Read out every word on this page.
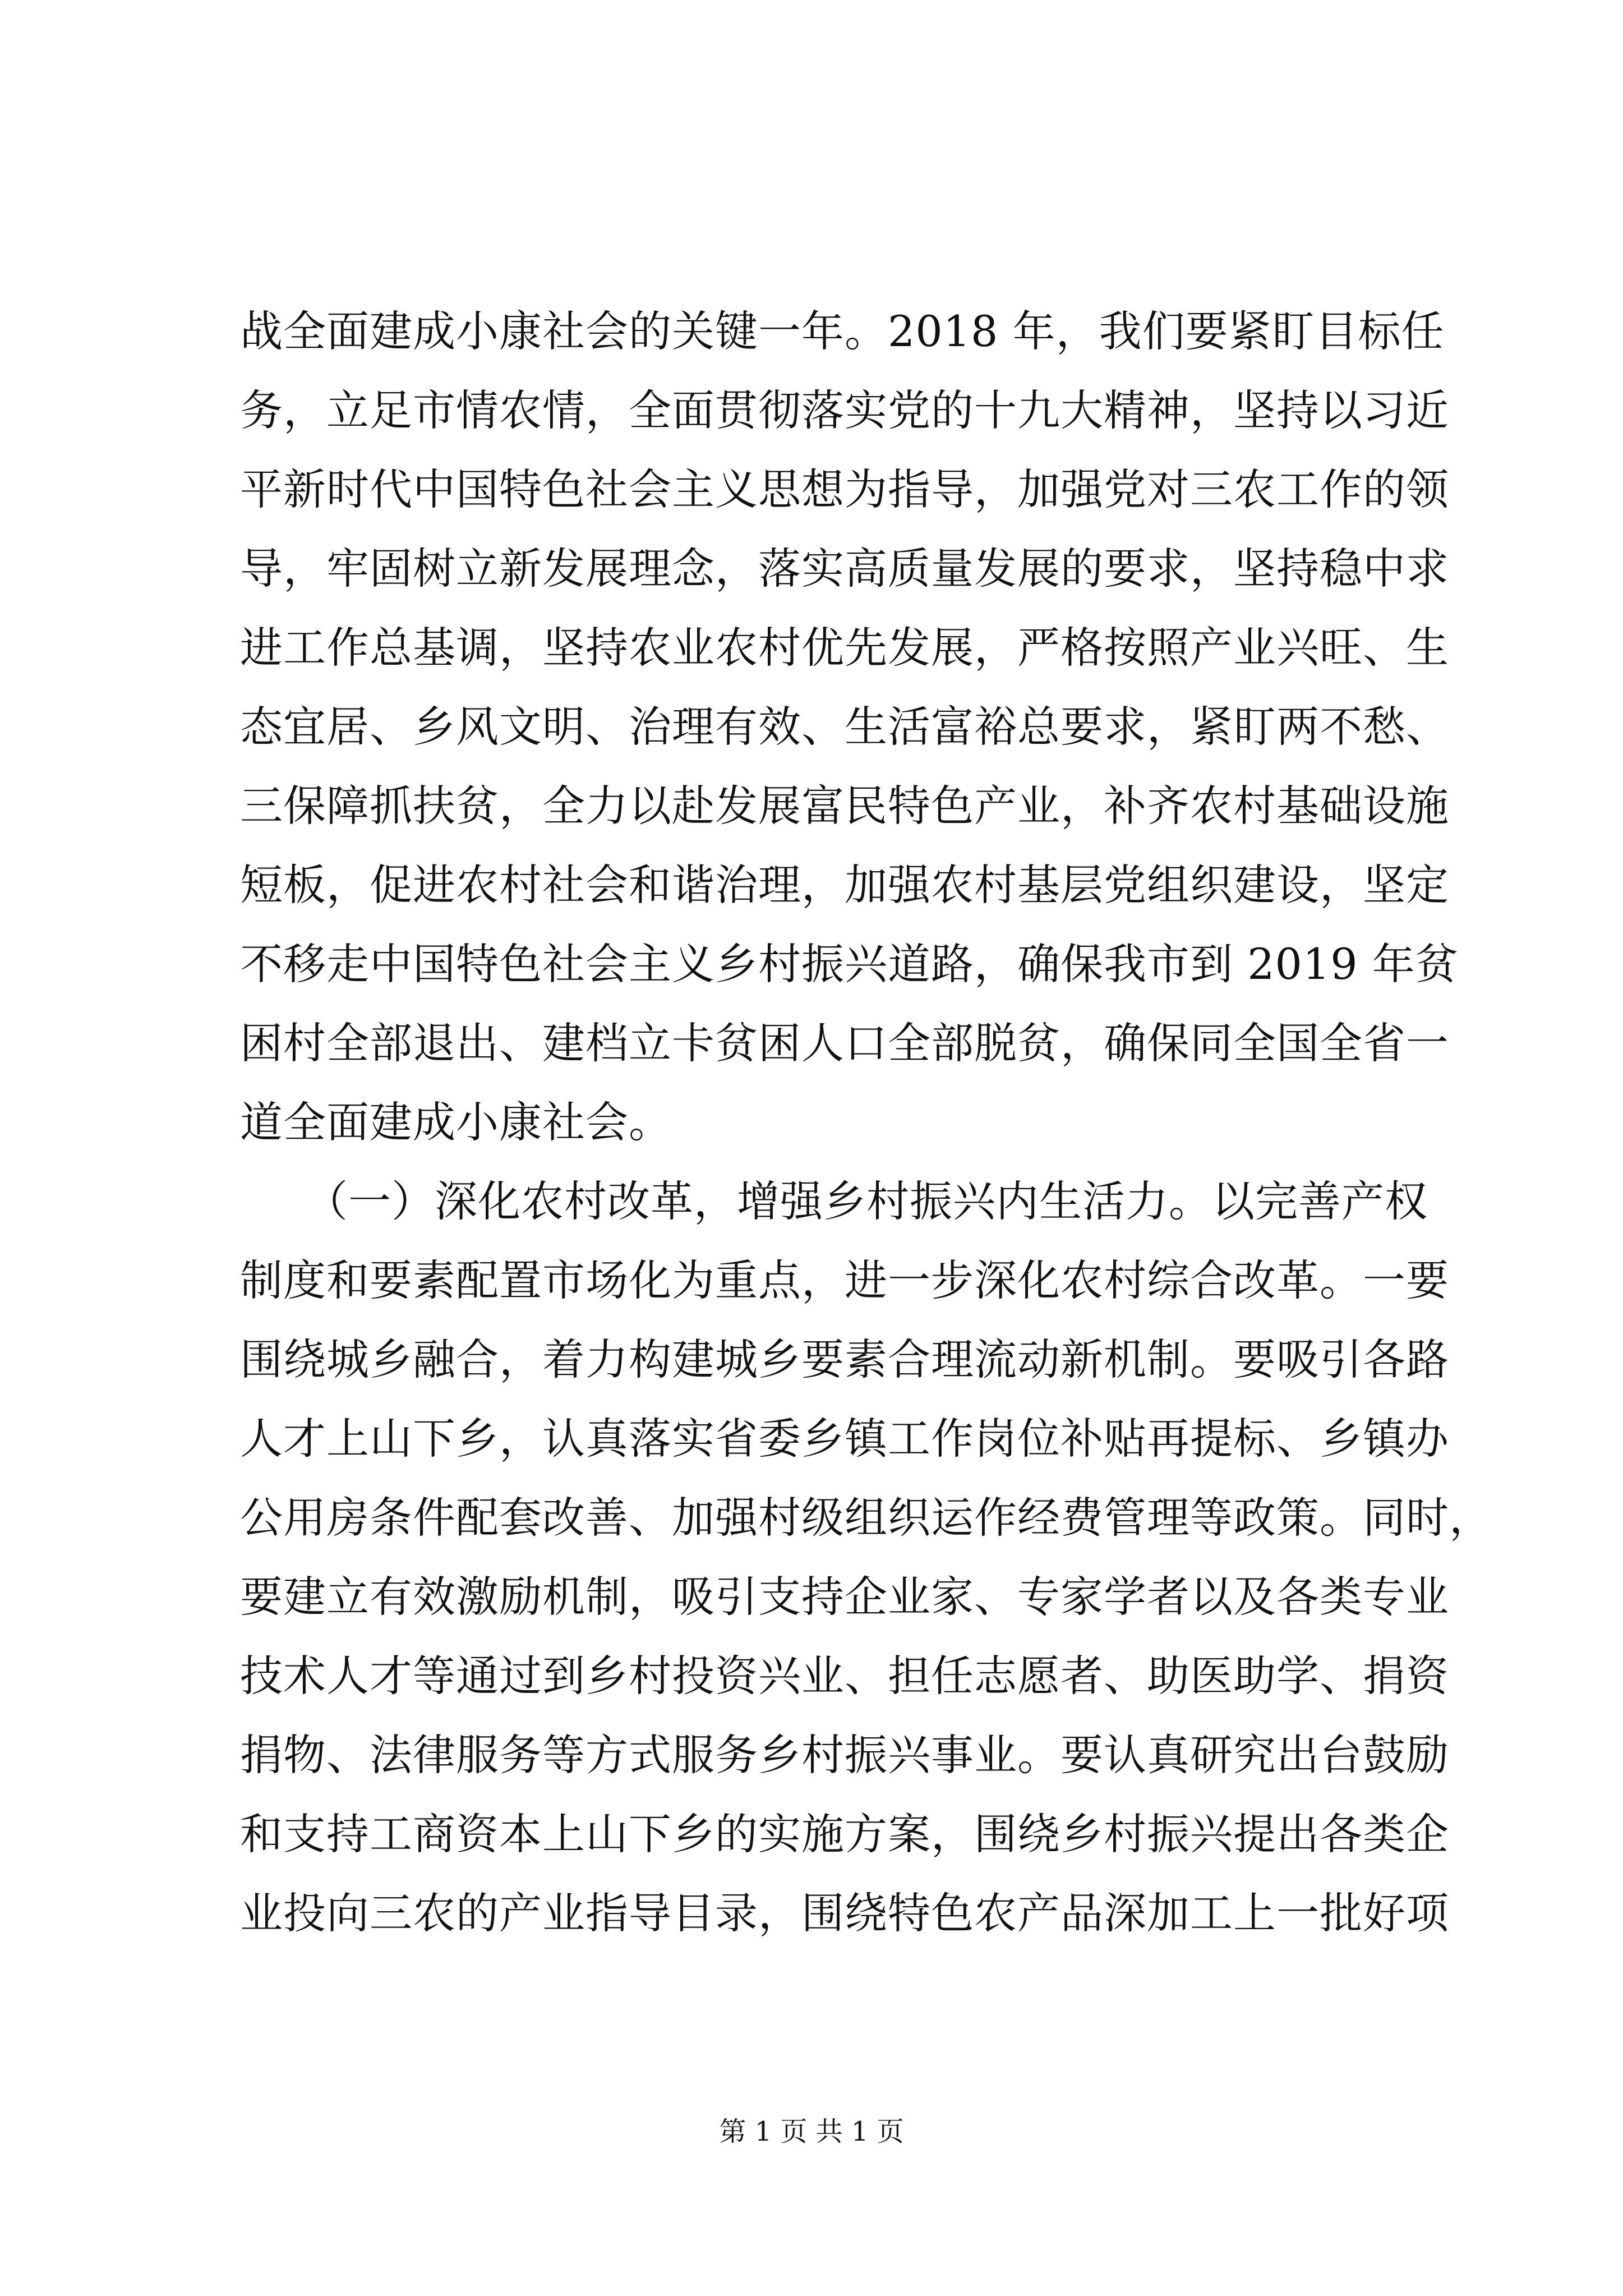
战全面建成小康社会的关键一年。2018 年，我们要紧盯目标任
务，立足市情农情，全面贯彻落实党的十九大精神，坚持以习近
平新时代中国特色社会主义思想为指导，加强党对三农工作的领
导，牢固树立新发展理念，落实高质量发展的要求，坚持稳中求
进工作总基调，坚持农业农村优先发展，严格按照产业兴旺、生
态宜居、乡风文明、治理有效、生活富裕总要求，紧盯两不愁、
三保障抓扶贫，全力以赴发展富民特色产业，补齐农村基础设施
短板，促进农村社会和谐治理，加强农村基层党组织建设，坚定
不移走中国特色社会主义乡村振兴道路，确保我市到 2019 年贫
困村全部退出、建档立卡贫困人口全部脱贫，确保同全国全省一
道全面建成小康社会。
　　（一）深化农村改革，增强乡村振兴内生活力。以完善产权
制度和要素配置市场化为重点，进一步深化农村综合改革。一要
围绕城乡融合，着力构建城乡要素合理流动新机制。要吸引各路
人才上山下乡，认真落实省委乡镇工作岗位补贴再提标、乡镇办
公用房条件配套改善、加强村级组织运作经费管理等政策。同时，
要建立有效激励机制，吸引支持企业家、专家学者以及各类专业
技术人才等通过到乡村投资兴业、担任志愿者、助医助学、捐资
捐物、法律服务等方式服务乡村振兴事业。要认真研究出台鼓励
和支持工商资本上山下乡的实施方案，围绕乡村振兴提出各类企
业投向三农的产业指导目录，围绕特色农产品深加工上一批好项
第 1 页 共 1 页
